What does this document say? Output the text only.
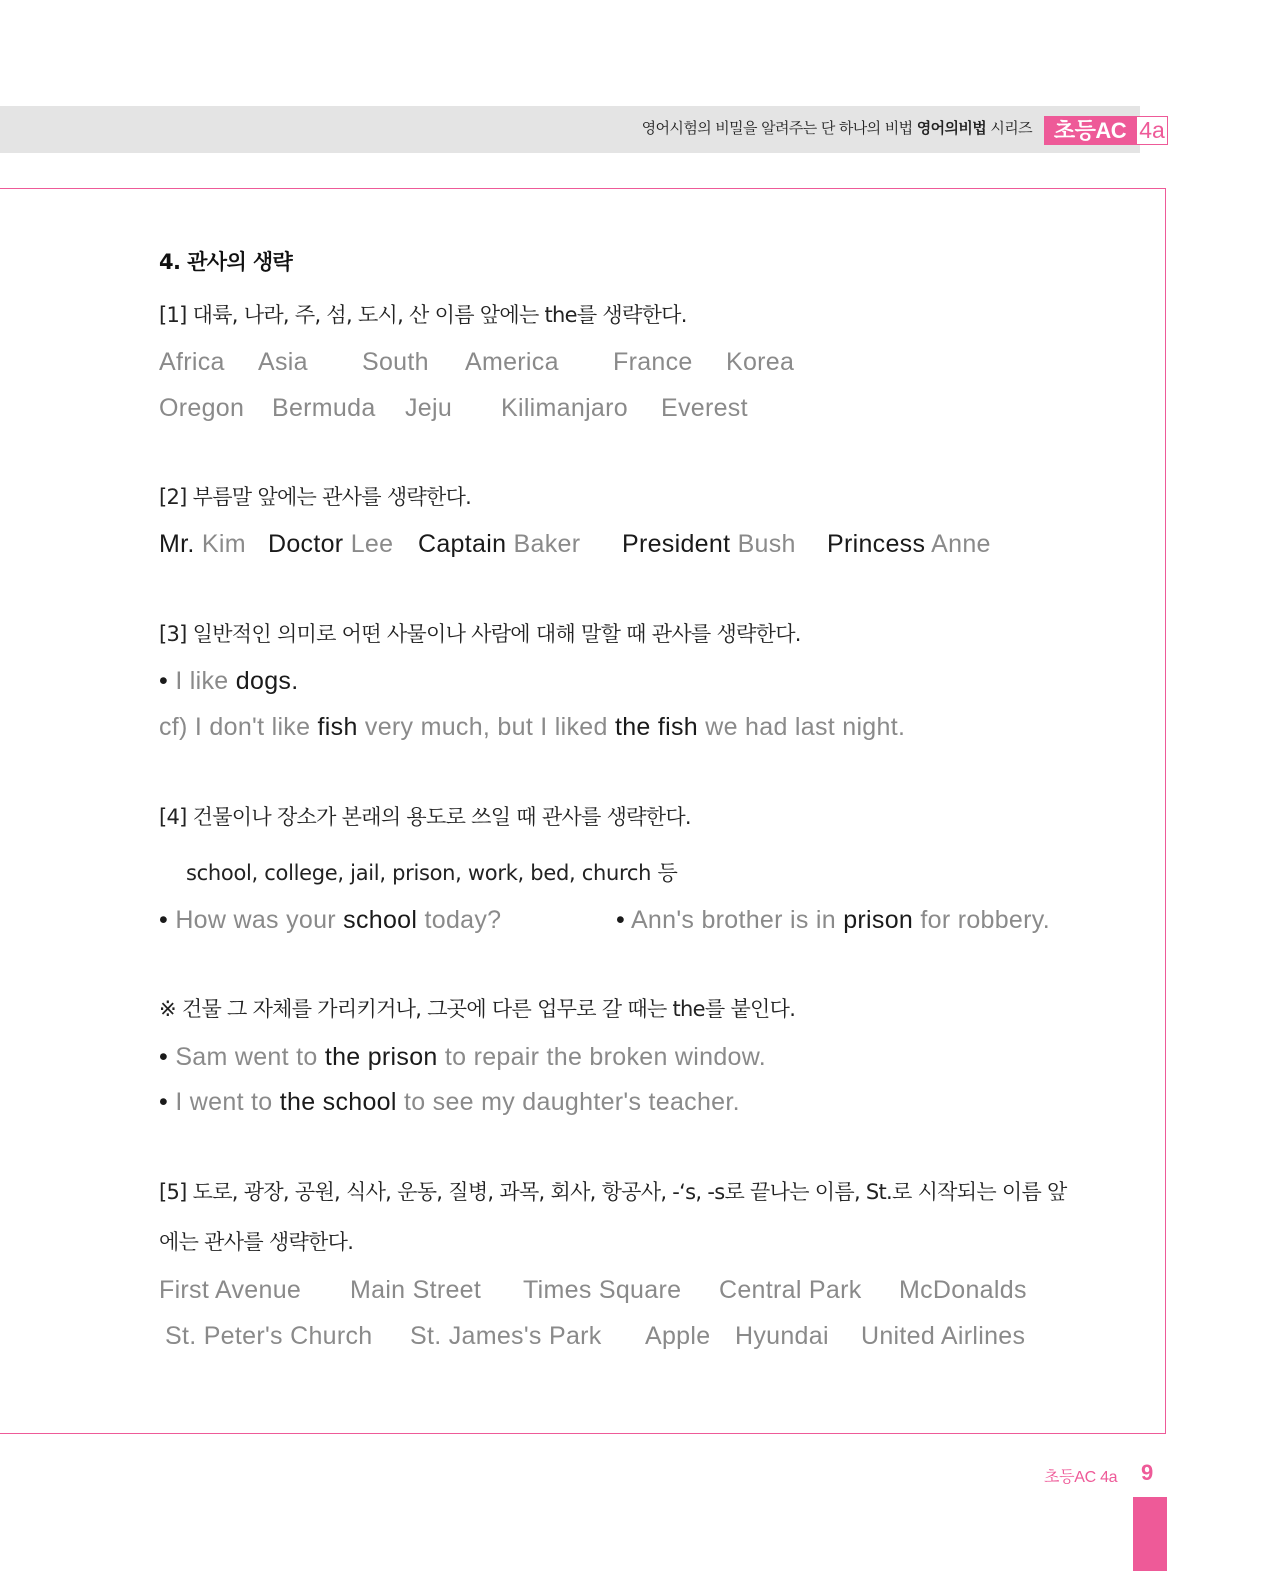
영어시험의 비밀을 알려주는 단 하나의 비법 영어의비법 시리즈 초등AC 4a
4. 관사의 생략
[1] 대륙, 나라, 주, 섬, 도시, 산 이름 앞에는 the를 생략한다.
Africa Asia South America France Korea
Oregon Bermuda Jeju Kilimanjaro Everest
[2] 부름말 앞에는 관사를 생략한다.
Mr. Kim Doctor Lee Captain Baker President Bush Princess Anne
[3] 일반적인 의미로 어떤 사물이나 사람에 대해 말할 때 관사를 생략한다.
• I like dogs.
cf) I don't like fish very much, but I liked the fish we had last night.
[4] 건물이나 장소가 본래의 용도로 쓰일 때 관사를 생략한다.
school, college, jail, prison, work, bed, church 등
• How was your school today?	• Ann's brother is in prison for robbery.
※ 건물 그 자체를 가리키거나, 그곳에 다른 업무로 갈 때는 the를 붙인다.
• Sam went to the prison to repair the broken window.
• I went to the school to see my daughter's teacher.
[5] 도로, 광장, 공원, 식사, 운동, 질병, 과목, 회사, 항공사, -‘s, -s로 끝나는 이름, St.로 시작되는 이름 앞
에는 관사를 생략한다.
First Avenue Main Street Times Square Central Park McDonalds
St. Peter's Church St. James's Park Apple Hyundai United Airlines
초등AC 4a 9
